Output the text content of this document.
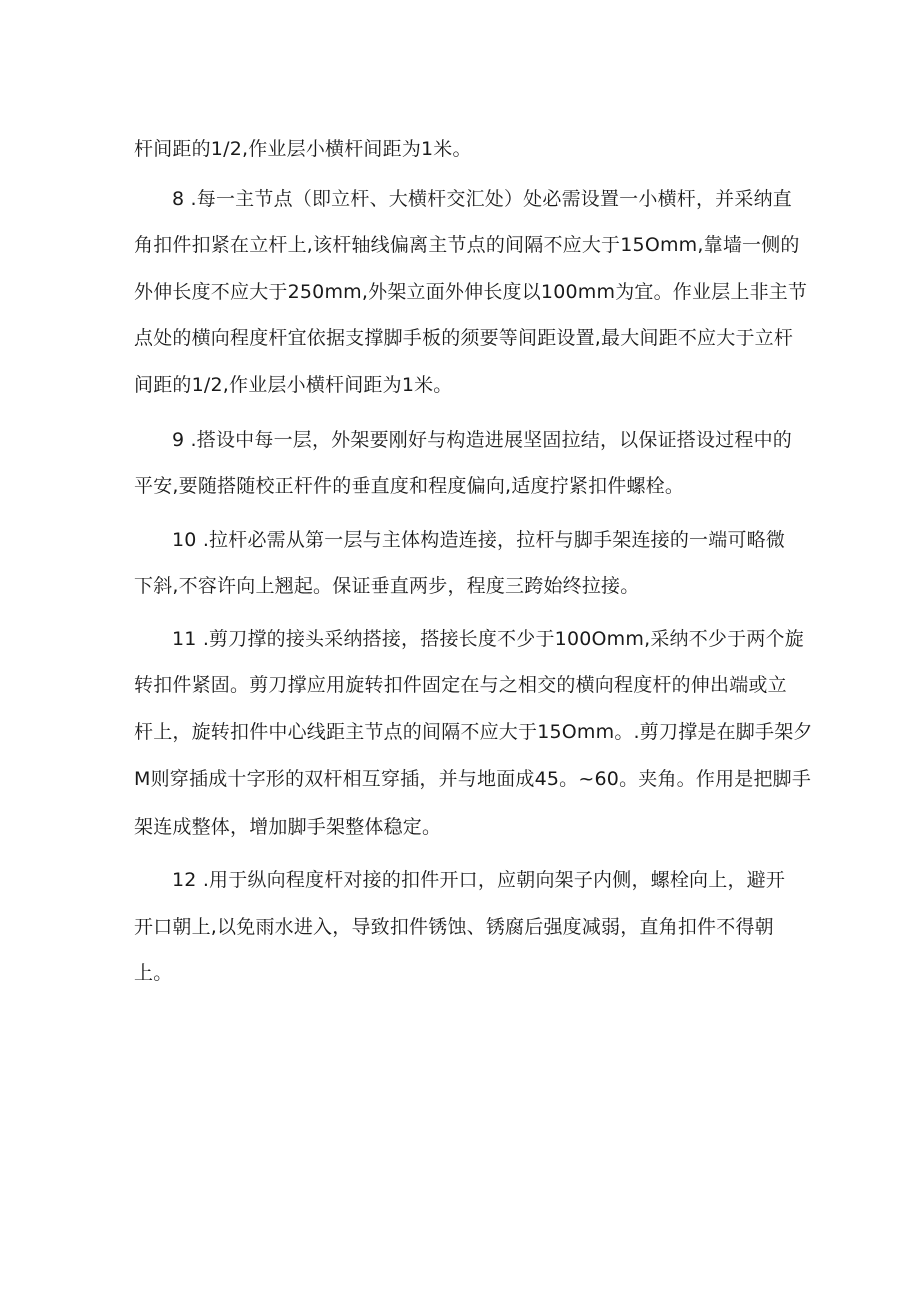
杆间距的1/2,作业层小横杆间距为1米。
8 .每一主节点（即立杆、大横杆交汇处）处必需设置一小横杆，并采纳直
角扣件扣紧在立杆上,该杆轴线偏离主节点的间隔不应大于15Omm,靠墙一侧的
外伸长度不应大于250mm,外架立面外伸长度以100mm为宜。作业层上非主节
点处的横向程度杆宜依据支撑脚手板的须要等间距设置,最大间距不应大于立杆
间距的1/2,作业层小横杆间距为1米。
9 .搭设中每一层，外架要刚好与构造进展坚固拉结，以保证搭设过程中的
平安,要随搭随校正杆件的垂直度和程度偏向,适度拧紧扣件螺栓。
10 .拉杆必需从第一层与主体构造连接，拉杆与脚手架连接的一端可略微
下斜,不容许向上翘起。保证垂直两步，程度三跨始终拉接。
11 .剪刀撑的接头采纳搭接，搭接长度不少于100Omm,采纳不少于两个旋
转扣件紧固。剪刀撑应用旋转扣件固定在与之相交的横向程度杆的伸出端或立
杆上，旋转扣件中心线距主节点的间隔不应大于15Omm。.剪刀撑是在脚手架夕
M则穿插成十字形的双杆相互穿插，并与地面成45。~60。夹角。作用是把脚手
架连成整体，增加脚手架整体稳定。
12 .用于纵向程度杆对接的扣件开口，应朝向架子内侧，螺栓向上，避开
开口朝上,以免雨水进入，导致扣件锈蚀、锈腐后强度减弱，直角扣件不得朝
上。
